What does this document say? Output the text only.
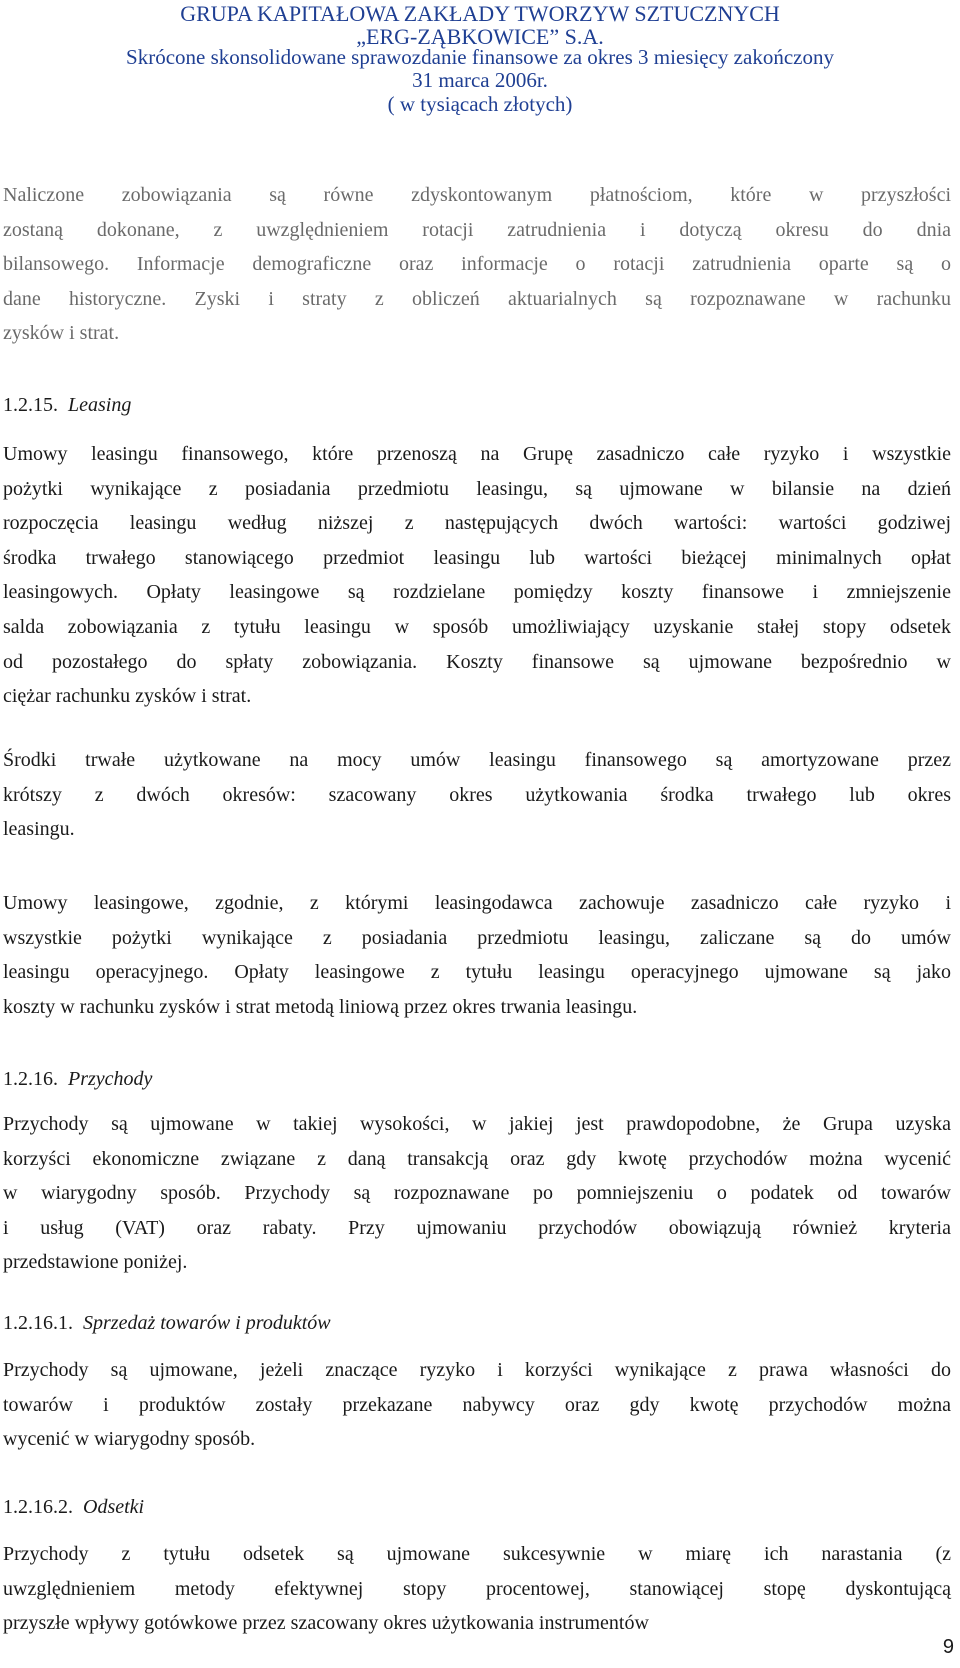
GRUPA KAPITAŁOWA ZAKŁADY TWORZYW SZTUCZNYCH
„ERG-ZĄBKOWICE” S.A.
Skrócone skonsolidowane sprawozdanie finansowe za okres 3 miesięcy zakończony
31 marca 2006r.
( w tysiącach złotych)
Naliczone zobowiązania są równe zdyskontowanym płatnościom, które w przyszłości
zostaną dokonane, z uwzględnieniem rotacji zatrudnienia i dotyczą okresu do dnia
bilansowego. Informacje demograficzne oraz informacje o rotacji zatrudnienia oparte są o
dane historyczne. Zyski i straty z obliczeń aktuarialnych są rozpoznawane w rachunku
zysków i strat.
1.2.15. Leasing
Umowy leasingu finansowego, które przenoszą na Grupę zasadniczo całe ryzyko i wszystkie
pożytki wynikające z posiadania przedmiotu leasingu, są ujmowane w bilansie na dzień
rozpoczęcia leasingu według niższej z następujących dwóch wartości: wartości godziwej
środka trwałego stanowiącego przedmiot leasingu lub wartości bieżącej minimalnych opłat
leasingowych. Opłaty leasingowe są rozdzielane pomiędzy koszty finansowe i zmniejszenie
salda zobowiązania z tytułu leasingu w sposób umożliwiający uzyskanie stałej stopy odsetek
od pozostałego do spłaty zobowiązania. Koszty finansowe są ujmowane bezpośrednio w
ciężar rachunku zysków i strat.
Środki trwałe użytkowane na mocy umów leasingu finansowego są amortyzowane przez
krótszy z dwóch okresów: szacowany okres użytkowania środka trwałego lub okres
leasingu.
Umowy leasingowe, zgodnie, z którymi leasingodawca zachowuje zasadniczo całe ryzyko i
wszystkie pożytki wynikające z posiadania przedmiotu leasingu, zaliczane są do umów
leasingu operacyjnego. Opłaty leasingowe z tytułu leasingu operacyjnego ujmowane są jako
koszty w rachunku zysków i strat metodą liniową przez okres trwania leasingu.
1.2.16. Przychody
Przychody są ujmowane w takiej wysokości, w jakiej jest prawdopodobne, że Grupa uzyska
korzyści ekonomiczne związane z daną transakcją oraz gdy kwotę przychodów można wycenić
w wiarygodny sposób. Przychody są rozpoznawane po pomniejszeniu o podatek od towarów
i usług (VAT) oraz rabaty. Przy ujmowaniu przychodów obowiązują również kryteria
przedstawione poniżej.
1.2.16.1. Sprzedaż towarów i produktów
Przychody są ujmowane, jeżeli znaczące ryzyko i korzyści wynikające z prawa własności do
towarów i produktów zostały przekazane nabywcy oraz gdy kwotę przychodów można
wycenić w wiarygodny sposób.
1.2.16.2. Odsetki
Przychody z tytułu odsetek są ujmowane sukcesywnie w miarę ich narastania (z
uwzględnieniem metody efektywnej stopy procentowej, stanowiącej stopę dyskontującą
przyszłe wpływy gotówkowe przez szacowany okres użytkowania instrumentów
9
